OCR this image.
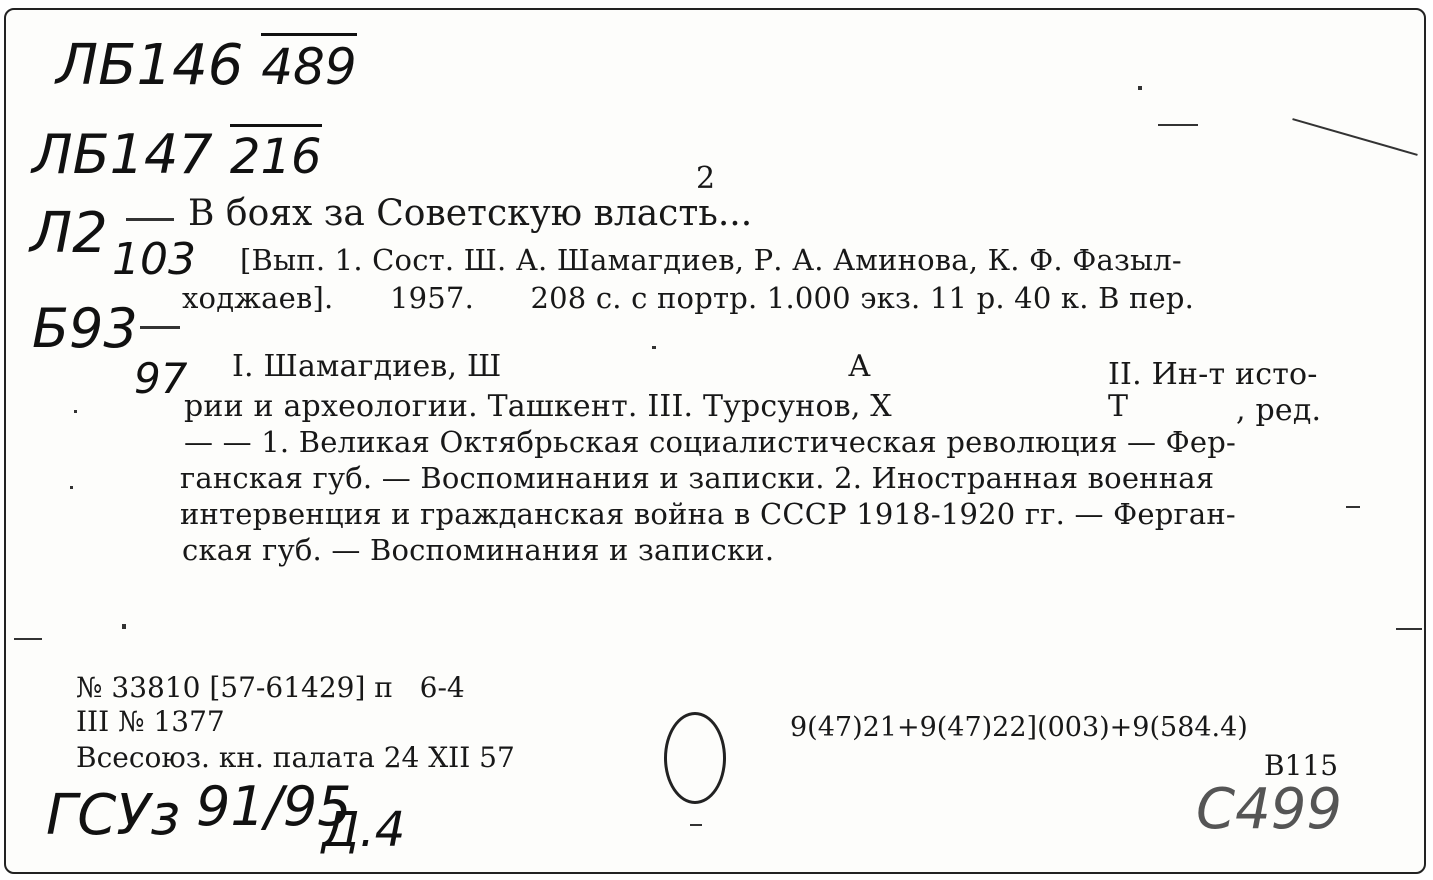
ЛБ146 489
ЛБ147 216
Л2 103
Б93
97
2
В боях за Советскую власть...
[Вып. 1. Сост. Ш. А. Шамагдиев, Р. А. Аминова, К. Ф. Фазыл-
ходжаев].      1957.      208 с. с портр. 1.000 экз. 11 р. 40 к. В пер.
I. Шамагдиев, Ш	А	II. Ин-т исто-
рии и археологии. Ташкент. III. Турсунов, Х	Т	, ред.
— — 1. Великая Октябрьская социалистическая революция — Фер-
ганская губ. — Воспоминания и записки. 2. Иностранная военная
интервенция и гражданская война в СССР 1918-1920 гг. — Ферган-
ская губ. — Воспоминания и записки.
№ 33810 [57-61429] п   6-4
III № 1377
Всесоюз. кн. палата 24 XII 57
9(47)21+9(47)22](003)+9(584.4)
В115
ГСУз 91/95
Д.4	С499
